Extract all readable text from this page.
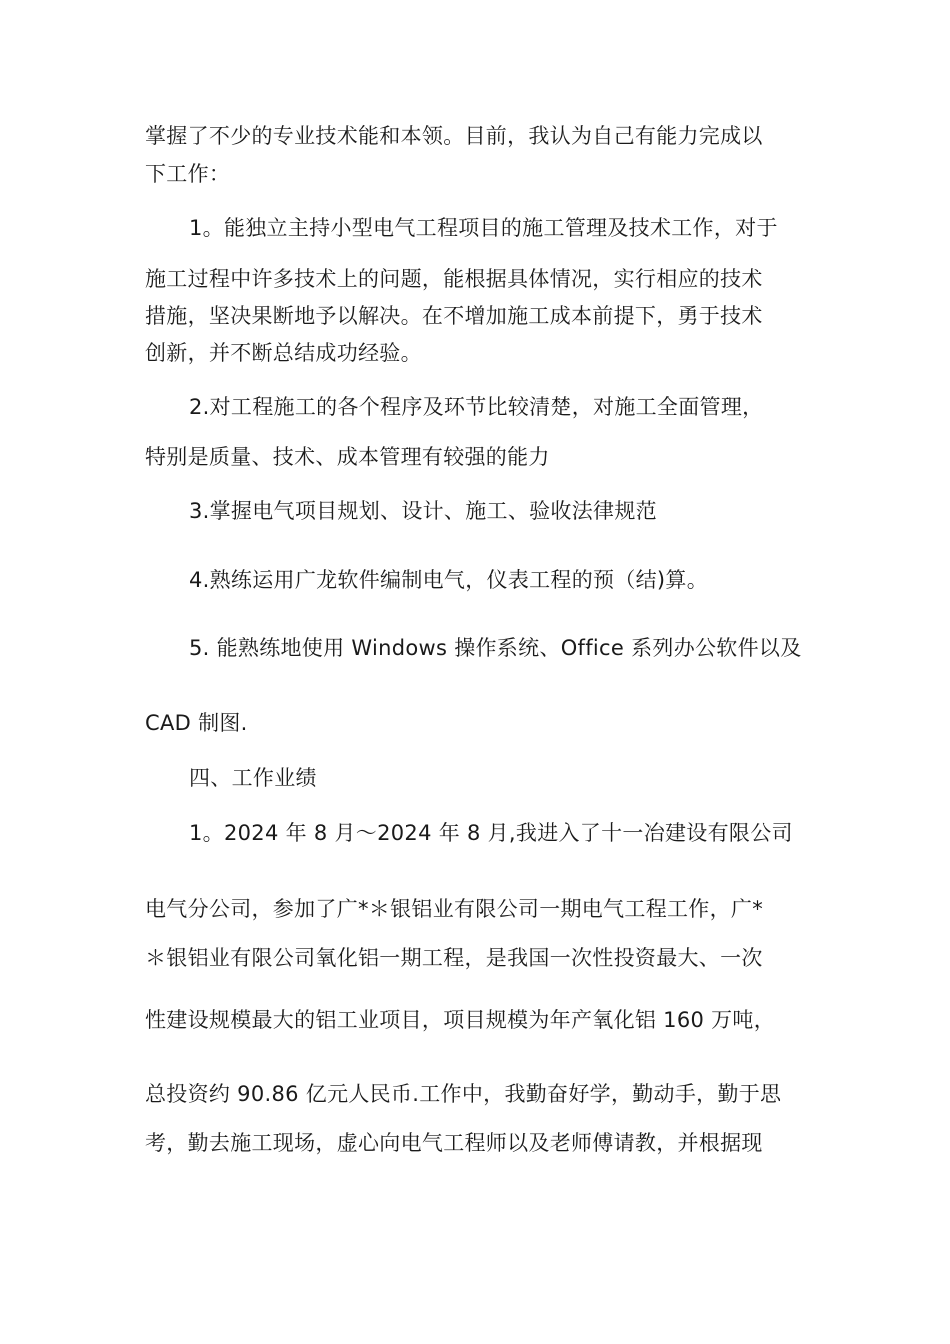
掌握了不少的专业技术能和本领。目前，我认为自己有能力完成以
下工作：
1。能独立主持小型电气工程项目的施工管理及技术工作，对于
施工过程中许多技术上的问题，能根据具体情况，实行相应的技术
措施，坚决果断地予以解决。在不增加施工成本前提下，勇于技术
创新，并不断总结成功经验。
2.对工程施工的各个程序及环节比较清楚，对施工全面管理，
特别是质量、技术、成本管理有较强的能力
3.掌握电气项目规划、设计、施工、验收法律规范
4.熟练运用广龙软件编制电气，仪表工程的预（结)算。
5. 能熟练地使用 Windows 操作系统、Office 系列办公软件以及
CAD 制图.
四、工作业绩
1。2024 年 8 月～2024 年 8 月,我进入了十一冶建设有限公司
电气分公司，参加了广*＊银铝业有限公司一期电气工程工作，广*
＊银铝业有限公司氧化铝一期工程，是我国一次性投资最大、一次
性建设规模最大的铝工业项目，项目规模为年产氧化铝 160 万吨，
总投资约 90.86 亿元人民币.工作中，我勤奋好学，勤动手，勤于思
考，勤去施工现场，虚心向电气工程师以及老师傅请教，并根据现
